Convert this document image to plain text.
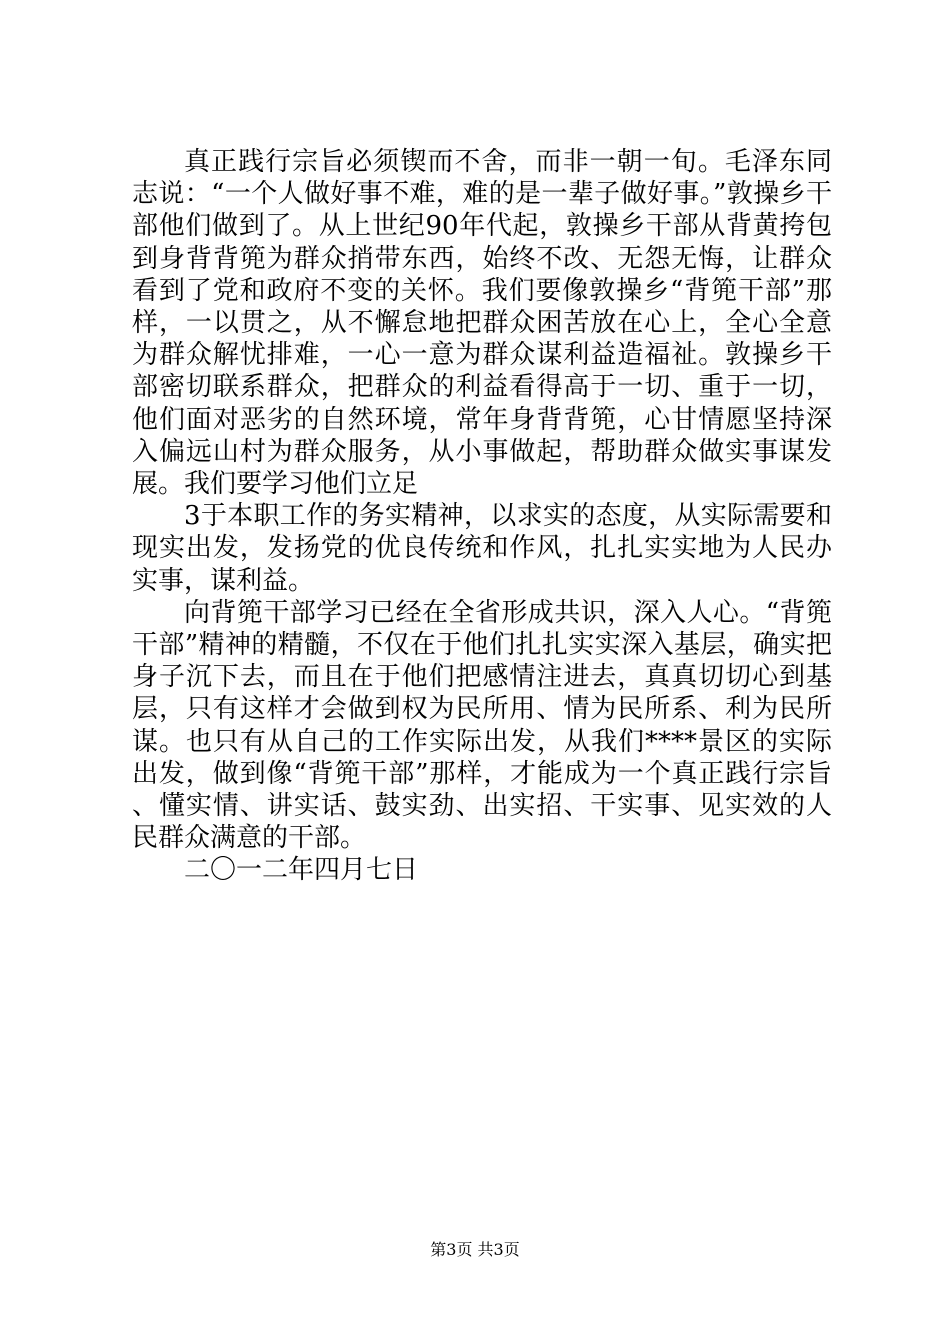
真正践行宗旨必须锲而不舍，而非一朝一旬。毛泽东同志说：“一个人做好事不难，难的是一辈子做好事。”敦操乡干部他们做到了。从上世纪90年代起，敦操乡干部从背黄挎包到身背背篼为群众捎带东西，始终不改、无怨无悔，让群众看到了党和政府不变的关怀。我们要像敦操乡“背篼干部”那样，一以贯之，从不懈怠地把群众困苦放在心上，全心全意为群众解忧排难，一心一意为群众谋利益造福祉。敦操乡干部密切联系群众，把群众的利益看得高于一切、重于一切，他们面对恶劣的自然环境，常年身背背篼，心甘情愿坚持深入偏远山村为群众服务，从小事做起，帮助群众做实事谋发展。我们要学习他们立足

3于本职工作的务实精神，以求实的态度，从实际需要和现实出发，发扬党的优良传统和作风，扎扎实实地为人民办实事，谋利益。

向背篼干部学习已经在全省形成共识，深入人心。“背篼干部”精神的精髓，不仅在于他们扎扎实实深入基层，确实把身子沉下去，而且在于他们把感情注进去，真真切切心到基层，只有这样才会做到权为民所用、情为民所系、利为民所谋。也只有从自己的工作实际出发，从我们****景区的实际出发，做到像“背篼干部”那样，才能成为一个真正践行宗旨、懂实情、讲实话、鼓实劲、出实招、干实事、见实效的人民群众满意的干部。

二〇一二年四月七日

第3页 共3页
